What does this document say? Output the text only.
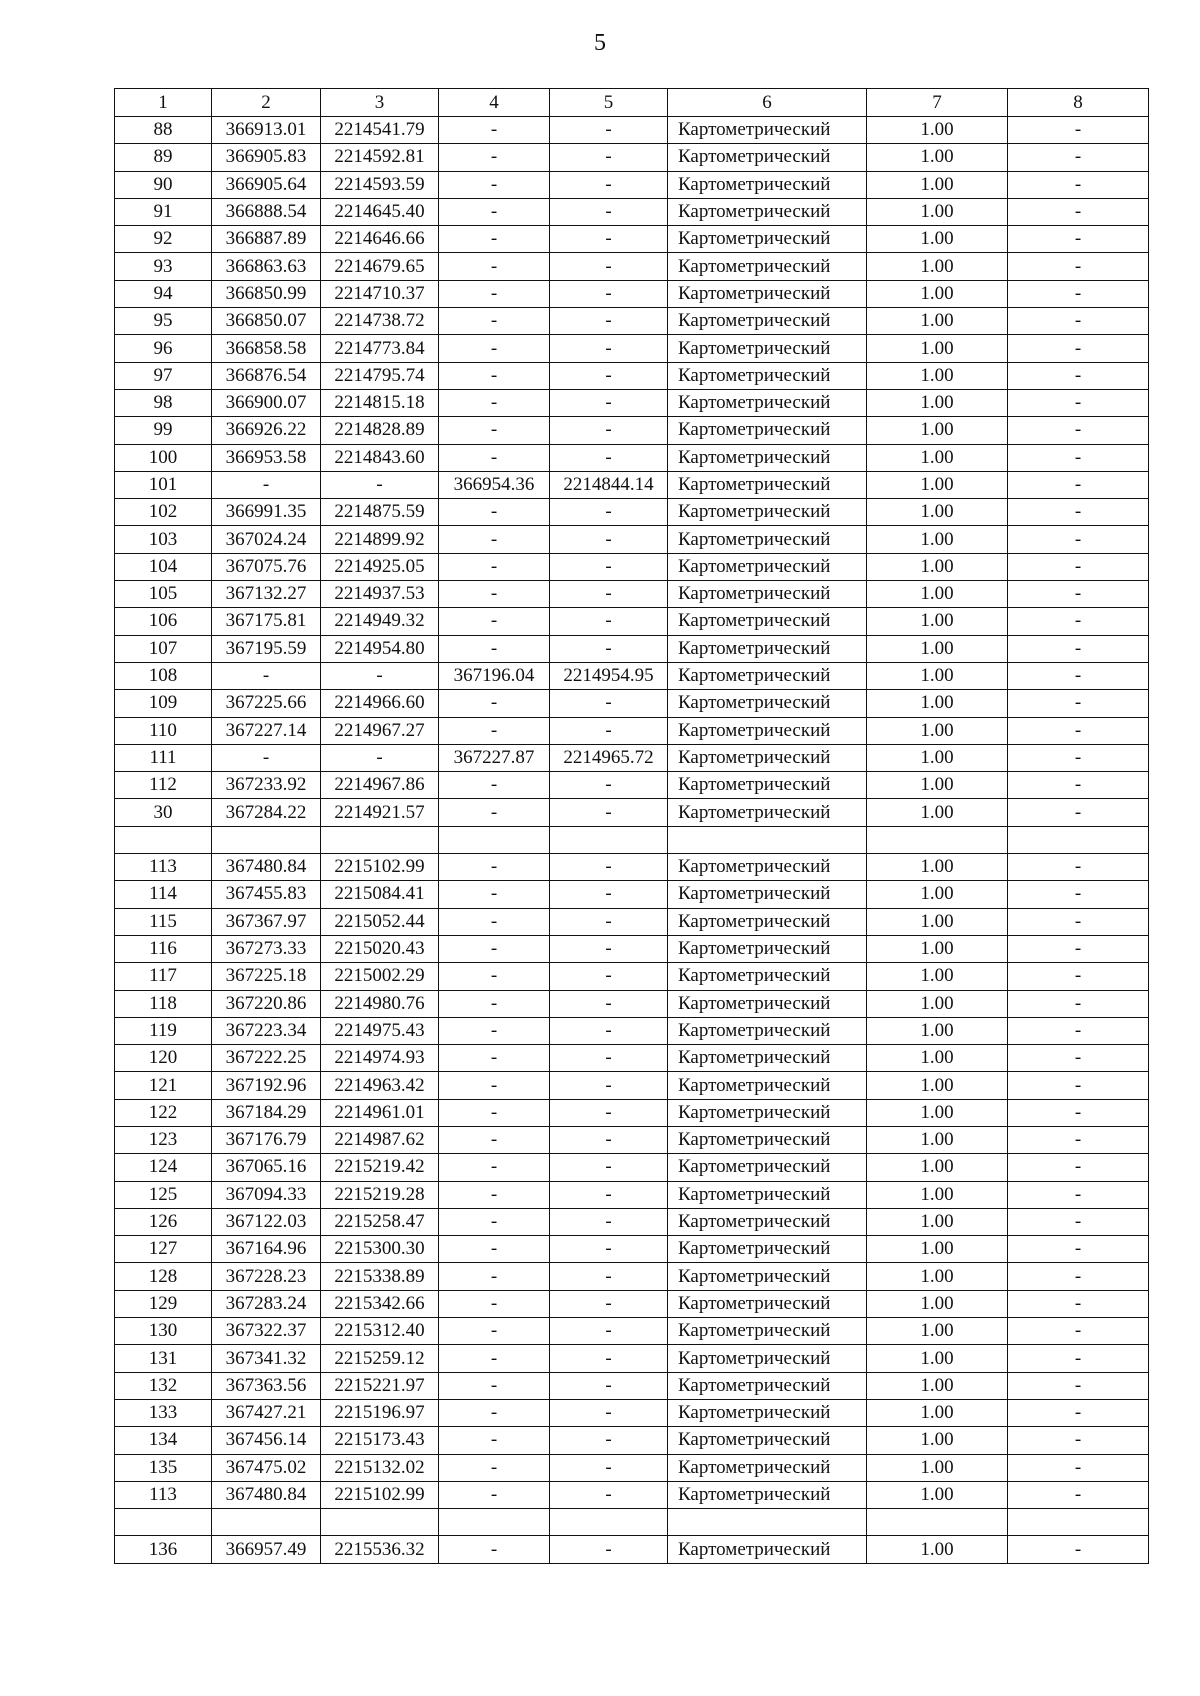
5
1	2	3	4	5	6	7	8
88	366913.01	2214541.79	-	-	Картометрический	1.00	-
89	366905.83	2214592.81	-	-	Картометрический	1.00	-
90	366905.64	2214593.59	-	-	Картометрический	1.00	-
91	366888.54	2214645.40	-	-	Картометрический	1.00	-
92	366887.89	2214646.66	-	-	Картометрический	1.00	-
93	366863.63	2214679.65	-	-	Картометрический	1.00	-
94	366850.99	2214710.37	-	-	Картометрический	1.00	-
95	366850.07	2214738.72	-	-	Картометрический	1.00	-
96	366858.58	2214773.84	-	-	Картометрический	1.00	-
97	366876.54	2214795.74	-	-	Картометрический	1.00	-
98	366900.07	2214815.18	-	-	Картометрический	1.00	-
99	366926.22	2214828.89	-	-	Картометрический	1.00	-
100	366953.58	2214843.60	-	-	Картометрический	1.00	-
101	-	-	366954.36	2214844.14	Картометрический	1.00	-
102	366991.35	2214875.59	-	-	Картометрический	1.00	-
103	367024.24	2214899.92	-	-	Картометрический	1.00	-
104	367075.76	2214925.05	-	-	Картометрический	1.00	-
105	367132.27	2214937.53	-	-	Картометрический	1.00	-
106	367175.81	2214949.32	-	-	Картометрический	1.00	-
107	367195.59	2214954.80	-	-	Картометрический	1.00	-
108	-	-	367196.04	2214954.95	Картометрический	1.00	-
109	367225.66	2214966.60	-	-	Картометрический	1.00	-
110	367227.14	2214967.27	-	-	Картометрический	1.00	-
111	-	-	367227.87	2214965.72	Картометрический	1.00	-
112	367233.92	2214967.86	-	-	Картометрический	1.00	-
30	367284.22	2214921.57	-	-	Картометрический	1.00	-

113	367480.84	2215102.99	-	-	Картометрический	1.00	-
114	367455.83	2215084.41	-	-	Картометрический	1.00	-
115	367367.97	2215052.44	-	-	Картометрический	1.00	-
116	367273.33	2215020.43	-	-	Картометрический	1.00	-
117	367225.18	2215002.29	-	-	Картометрический	1.00	-
118	367220.86	2214980.76	-	-	Картометрический	1.00	-
119	367223.34	2214975.43	-	-	Картометрический	1.00	-
120	367222.25	2214974.93	-	-	Картометрический	1.00	-
121	367192.96	2214963.42	-	-	Картометрический	1.00	-
122	367184.29	2214961.01	-	-	Картометрический	1.00	-
123	367176.79	2214987.62	-	-	Картометрический	1.00	-
124	367065.16	2215219.42	-	-	Картометрический	1.00	-
125	367094.33	2215219.28	-	-	Картометрический	1.00	-
126	367122.03	2215258.47	-	-	Картометрический	1.00	-
127	367164.96	2215300.30	-	-	Картометрический	1.00	-
128	367228.23	2215338.89	-	-	Картометрический	1.00	-
129	367283.24	2215342.66	-	-	Картометрический	1.00	-
130	367322.37	2215312.40	-	-	Картометрический	1.00	-
131	367341.32	2215259.12	-	-	Картометрический	1.00	-
132	367363.56	2215221.97	-	-	Картометрический	1.00	-
133	367427.21	2215196.97	-	-	Картометрический	1.00	-
134	367456.14	2215173.43	-	-	Картометрический	1.00	-
135	367475.02	2215132.02	-	-	Картометрический	1.00	-
113	367480.84	2215102.99	-	-	Картометрический	1.00	-

136	366957.49	2215536.32	-	-	Картометрический	1.00	-
